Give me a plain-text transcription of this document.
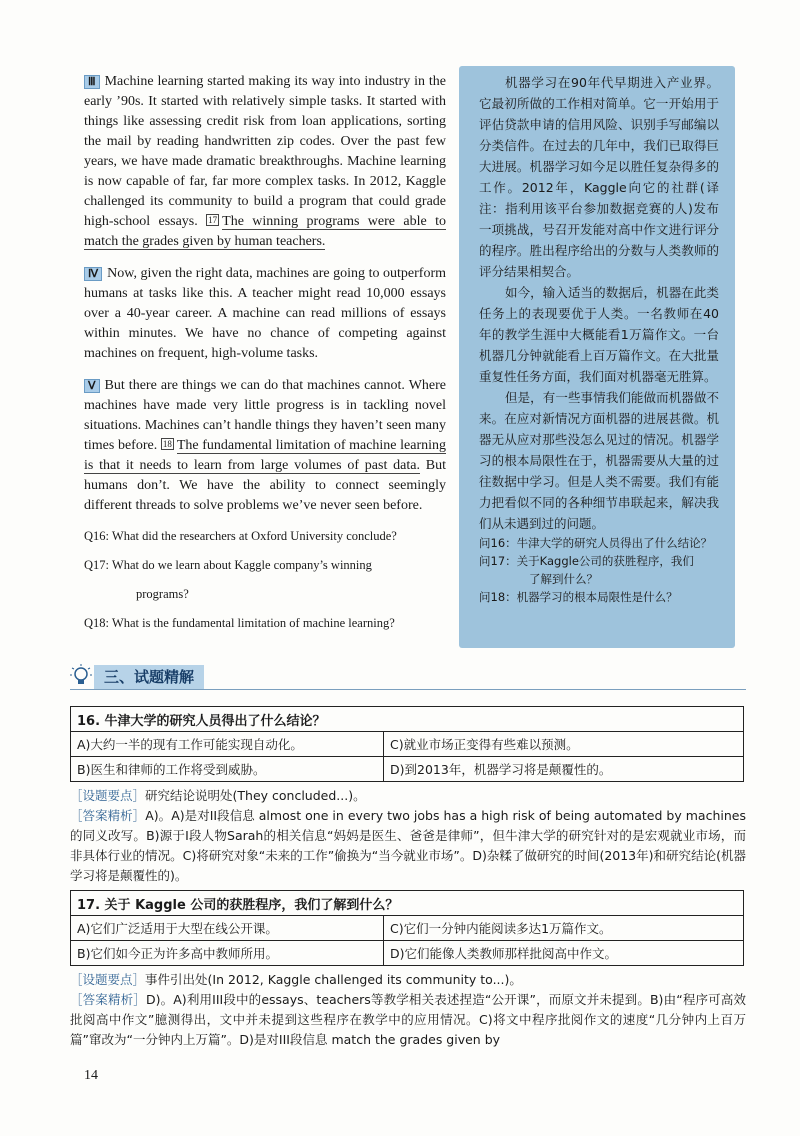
Ⅲ Machine learning started making its way into industry in the early ’90s. It started with relatively simple tasks. It started with things like assessing credit risk from loan applications, sorting the mail by reading handwritten zip codes. Over the past few years, we have made dramatic breakthroughs. Machine learning is now capable of far, far more complex tasks. In 2012, Kaggle challenged its community to build a program that could grade high-school essays. 17 The winning programs were able to match the grades given by human teachers.

Ⅳ Now, given the right data, machines are going to outperform humans at tasks like this. A teacher might read 10,000 essays over a 40-year career. A machine can read millions of essays within minutes. We have no chance of competing against machines on frequent, high-volume tasks.

Ⅴ But there are things we can do that machines cannot. Where machines have made very little progress is in tackling novel situations. Machines can’t handle things they haven’t seen many times before. 18 The fundamental limitation of machine learning is that it needs to learn from large volumes of past data. But humans don’t. We have the ability to connect seemingly different threads to solve problems we’ve never seen before.

Q16: What did the researchers at Oxford University conclude?

Q17: What do we learn about Kaggle company’s winning

programs?

Q18: What is the fundamental limitation of machine learning?

机器学习在90年代早期进入产业界。它最初所做的工作相对简单。它一开始用于评估贷款申请的信用风险、识别手写邮编以分类信件。在过去的几年中，我们已取得巨大进展。机器学习如今足以胜任复杂得多的工作。2012年，Kaggle向它的社群(译注：指利用该平台参加数据竞赛的人)发布一项挑战，号召开发能对高中作文进行评分的程序。胜出程序给出的分数与人类教师的评分结果相契合。

如今，输入适当的数据后，机器在此类任务上的表现要优于人类。一名教师在40年的教学生涯中大概能看1万篇作文。一台机器几分钟就能看上百万篇作文。在大批量重复性任务方面，我们面对机器毫无胜算。

但是，有一些事情我们能做而机器做不来。在应对新情况方面机器的进展甚微。机器无从应对那些没怎么见过的情况。机器学习的根本局限性在于，机器需要从大量的过往数据中学习。但是人类不需要。我们有能力把看似不同的各种细节串联起来，解决我们从未遇到过的问题。

问16：牛津大学的研究人员得出了什么结论？

问17：关于Kaggle公司的获胜程序，我们

了解到什么？

问18：机器学习的根本局限性是什么？

三、试题精解
16. 牛津大学的研究人员得出了什么结论？	
A)大约一半的现有工作可能实现自动化。	C)就业市场正变得有些难以预测。
B)医生和律师的工作将受到威胁。	D)到2013年，机器学习将是颠覆性的。

［设题要点］研究结论说明处(They concluded...)。

［答案精析］A)。A)是对II段信息 almost one in every two jobs has a high risk of being automated by machines的同义改写。B)源于I段人物Sarah的相关信息“妈妈是医生、爸爸是律师”，但牛津大学的研究针对的是宏观就业市场，而非具体行业的情况。C)将研究对象“未来的工作”偷换为“当今就业市场”。D)杂糅了做研究的时间(2013年)和研究结论(机器学习将是颠覆性的)。

17. 关于 Kaggle 公司的获胜程序，我们了解到什么？	
A)它们广泛适用于大型在线公开课。	C)它们一分钟内能阅读多达1万篇作文。
B)它们如今正为许多高中教师所用。	D)它们能像人类教师那样批阅高中作文。

［设题要点］事件引出处(In 2012, Kaggle challenged its community to...)。

［答案精析］D)。A)利用III段中的essays、teachers等教学相关表述捏造“公开课”，而原文并未提到。B)由“程序可高效批阅高中作文”臆测得出，文中并未提到这些程序在教学中的应用情况。C)将文中程序批阅作文的速度“几分钟内上百万篇”窜改为“一分钟内上万篇”。D)是对III段信息 match the grades given by

14
